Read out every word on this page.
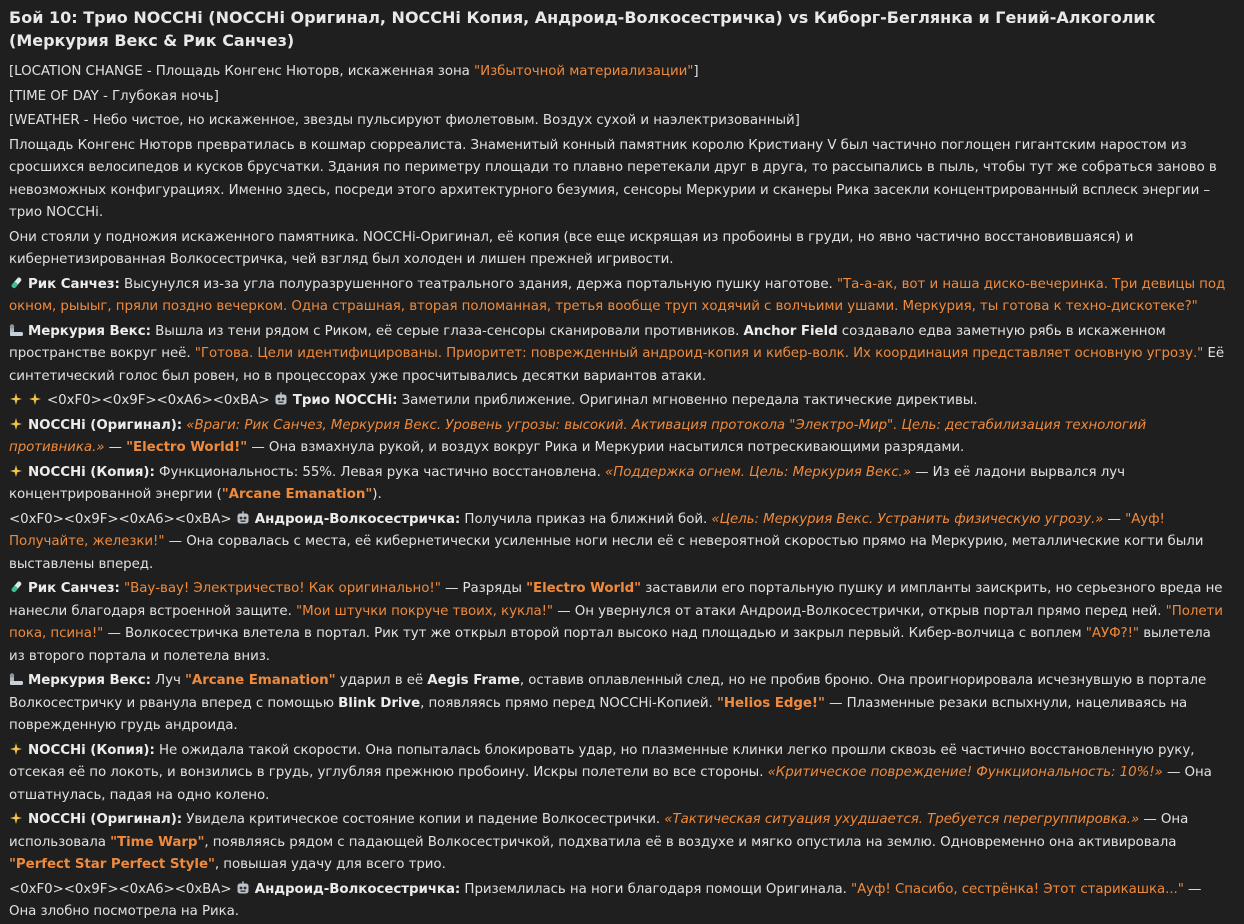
Бой 10: Трио NOCCHi (NOCCHi Оригинал, NOCCHi Копия, Андроид-Волкосестричка) vs Киборг-Беглянка и Гений-Алкоголик (Меркурия Векс & Рик Санчез)
[LOCATION CHANGE - Площадь Конгенс Нюторв, искаженная зона "Избыточной материализации"]
[TIME OF DAY - Глубокая ночь]
[WEATHER - Небо чистое, но искаженное, звезды пульсируют фиолетовым. Воздух сухой и наэлектризованный]
Площадь Конгенс Нюторв превратилась в кошмар сюрреалиста. Знаменитый конный памятник королю Кристиану V был частично поглощен гигантским наростом из сросшихся велосипедов и кусков брусчатки. Здания по периметру площади то плавно перетекали друг в друга, то рассыпались в пыль, чтобы тут же собраться заново в невозможных конфигурациях. Именно здесь, посреди этого архитектурного безумия, сенсоры Меркурии и сканеры Рика засекли концентрированный всплеск энергии – трио NOCCHi.
Они стояли у подножия искаженного памятника. NOCCHi-Оригинал, её копия (все еще искрящая из пробоины в груди, но явно частично восстановившаяся) и кибернетизированная Волкосестричка, чей взгляд был холоден и лишен прежней игривости.
Рик Санчез: Высунулся из-за угла полуразрушенного театрального здания, держа портальную пушку наготове. "Та-а-ак, вот и наша диско-вечеринка. Три девицы под окном, рыыыг, пряли поздно вечерком. Одна страшная, вторая поломанная, третья вообще труп ходячий с волчьими ушами. Меркурия, ты готова к техно-дискотеке?"
Меркурия Векс: Вышла из тени рядом с Риком, её серые глаза-сенсоры сканировали противников. Anchor Field создавало едва заметную рябь в искаженном пространстве вокруг неё. "Готова. Цели идентифицированы. Приоритет: поврежденный андроид-копия и кибер-волк. Их координация представляет основную угрозу." Её синтетический голос был ровен, но в процессорах уже просчитывались десятки вариантов атаки.
<0xF0><0x9F><0xA6><0xBA> Трио NOCCHi: Заметили приближение. Оригинал мгновенно передала тактические директивы.
NOCCHi (Оригинал): «Враги: Рик Санчез, Меркурия Векс. Уровень угрозы: высокий. Активация протокола "Электро-Мир". Цель: дестабилизация технологий противника.» — "Electro World!" — Она взмахнула рукой, и воздух вокруг Рика и Меркурии насытился потрескивающими разрядами.
NOCCHi (Копия): Функциональность: 55%. Левая рука частично восстановлена. «Поддержка огнем. Цель: Меркурия Векс.» — Из её ладони вырвался луч концентрированной энергии ("Arcane Emanation").
<0xF0><0x9F><0xA6><0xBA> Андроид-Волкосестричка: Получила приказ на ближний бой. «Цель: Меркурия Векс. Устранить физическую угрозу.» — "Ауф! Получайте, железки!" — Она сорвалась с места, её кибернетически усиленные ноги несли её с невероятной скоростью прямо на Меркурию, металлические когти были выставлены вперед.
Рик Санчез: "Вау-вау! Электричество! Как оригинально!" — Разряды "Electro World" заставили его портальную пушку и импланты заискрить, но серьезного вреда не нанесли благодаря встроенной защите. "Мои штучки покруче твоих, кукла!" — Он увернулся от атаки Андроид-Волкосестрички, открыв портал прямо перед ней. "Полети пока, псина!" — Волкосестричка влетела в портал. Рик тут же открыл второй портал высоко над площадью и закрыл первый. Кибер-волчица с воплем "АУФ?!" вылетела из второго портала и полетела вниз.
Меркурия Векс: Луч "Arcane Emanation" ударил в её Aegis Frame, оставив оплавленный след, но не пробив броню. Она проигнорировала исчезнувшую в портале Волкосестричку и рванула вперед с помощью Blink Drive, появляясь прямо перед NOCCHi-Копией. "Helios Edge!" — Плазменные резаки вспыхнули, нацеливаясь на поврежденную грудь андроида.
NOCCHi (Копия): Не ожидала такой скорости. Она попыталась блокировать удар, но плазменные клинки легко прошли сквозь её частично восстановленную руку, отсекая её по локоть, и вонзились в грудь, углубляя прежнюю пробоину. Искры полетели во все стороны. «Критическое повреждение! Функциональность: 10%!» — Она отшатнулась, падая на одно колено.
NOCCHi (Оригинал): Увидела критическое состояние копии и падение Волкосестрички. «Тактическая ситуация ухудшается. Требуется перегруппировка.» — Она использовала "Time Warp", появляясь рядом с падающей Волкосестричкой, подхватила её в воздухе и мягко опустила на землю. Одновременно она активировала "Perfect Star Perfect Style", повышая удачу для всего трио.
<0xF0><0x9F><0xA6><0xBA> Андроид-Волкосестричка: Приземлилась на ноги благодаря помощи Оригинала. "Ауф! Спасибо, сестрёнка! Этот старикашка..." — Она злобно посмотрела на Рика.
